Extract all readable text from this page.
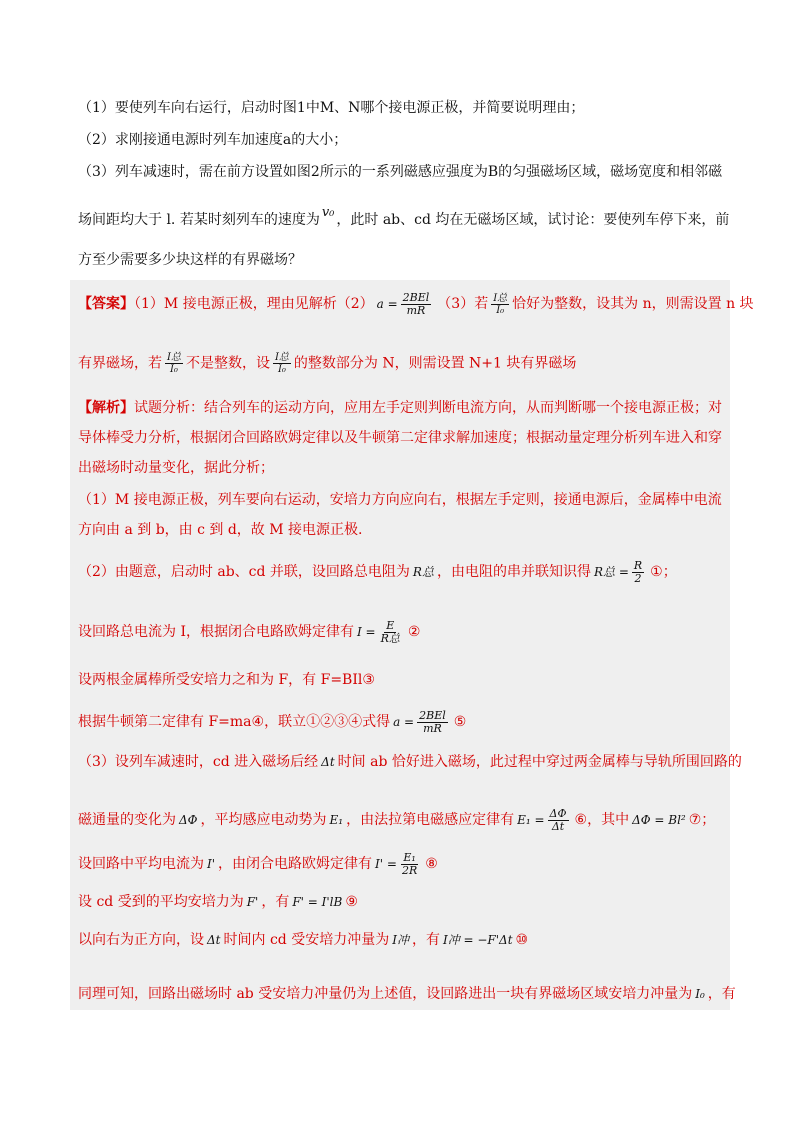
（1）要使列车向右运行，启动时图1中M、N哪个接电源正极，并简要说明理由；
（2）求刚接通电源时列车加速度a的大小；
（3）列车减速时，需在前方设置如图2所示的一系列磁感应强度为B的匀强磁场区域，磁场宽度和相邻磁
场间距均大于 l. 若某时刻列车的速度为 v₀ ，此时 ab、cd 均在无磁场区域，试讨论：要使列车停下来，前
方至少需要多少块这样的有界磁场？
【答案】（1）M 接电源正极，理由见解析（2） $a = \frac{\text{2BEl}}{mR} (3)$若 $\frac{\text{I总}}{\text{I₀}}$ 恰好为整数，设其为 n，则需设置 n 块
有界磁场，若 $\frac{\text{I总}}{\text{I₀}}$ 不是整数，设 $\frac{\text{I总}}{\text{I₀}}$ 的整数部分为 N，则需设置 N+1 块有界磁场
【解析】试题分析：结合列车的运动方向，应用左手定则判断电流方向，从而判断哪一个接电源正极；对
导体棒受力分析，根据闭合回路欧姆定律以及牛顿第二定律求解加速度；根据动量定理分析列车进入和穿
出磁场时动量变化，据此分析；
（1）M 接电源正极，列车要向右运动，安培力方向应向右，根据左手定则，接通电源后，金属棒中电流
方向由 a 到 b，由 c 到 d，故 M 接电源正极.
（2）由题意，启动时 ab、cd 并联，设回路总电阻为 R总 ，由电阻的串并联知识得 R总 = $\frac{R}{2}$ ①；
设回路总电流为 I，根据闭合电路欧姆定律有 $I = \frac{E}{\text{R总}}$ ②
设两根金属棒所受安培力之和为 F，有 F=BIl③
根据牛顿第二定律有 F=ma④，联立①②③④式得 $a = \frac{\text{2BEl}}{mR}$ ⑤
（3）设列车减速时，cd 进入磁场后经 Δt 时间 ab 恰好进入磁场，此过程中穿过两金属棒与导轨所围回路的
磁通量的变化为 ΔΦ ，平均感应电动势为 E₁ ，由法拉第电磁感应定律有 $E_1 = \frac{\Delta\Phi}{\Delta t}$ ⑥，其中 ΔΦ = Bl² ⑦；
设回路中平均电流为 I' ，由闭合电路欧姆定律有 $I' = \frac{\text{E₁}}{2R}$ ⑧
设 cd 受到的平均安培力为 F' ，有 F' = I'lB ⑨
以向右为正方向，设 Δt 时间内 cd 受安培力冲量为 I冲 ，有 I冲 = −F'Δt ⑩
同理可知，回路出磁场时 ab 受安培力冲量仍为上述值，设回路进出一块有界磁场区域安培力冲量为 I₀ ，有
